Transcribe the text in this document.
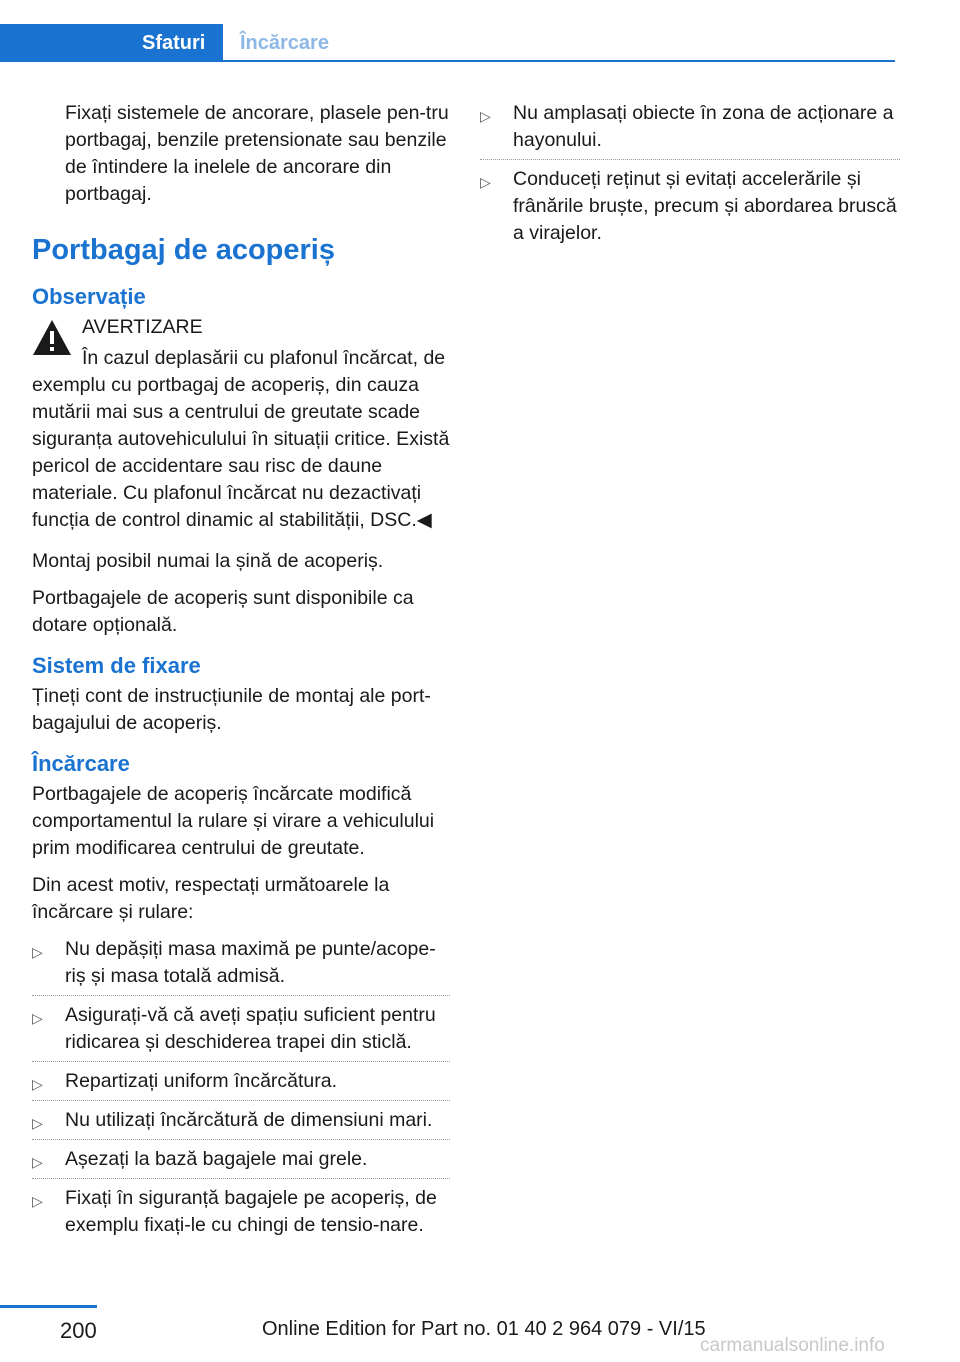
Sfaturi	Încărcare

Fixați sistemele de ancorare, plasele pen‐tru portbagaj, benzile pretensionate sau benzile de întindere la inelele de ancorare din portbagaj.

Portbagaj de acoperiș
Observație
AVERTIZARE

În cazul deplasării cu plafonul încărcat, de exemplu cu portbagaj de acoperiș, din cauza mutării mai sus a centrului de greutate scade siguranța autovehiculului în situații critice. Există pericol de accidentare sau risc de daune materiale. Cu plafonul încărcat nu dezactivați funcția de control dinamic al stabilității, DSC.◀

Montaj posibil numai la șină de acoperiș.

Portbagajele de acoperiș sunt disponibile ca dotare opțională.

Sistem de fixare

Țineți cont de instrucțiunile de montaj ale port‐bagajului de acoperiș.

Încărcare

Portbagajele de acoperiș încărcate modifică comportamentul la rulare și virare a vehiculului prim modificarea centrului de greutate.

Din acest motiv, respectați următoarele la încărcare și rulare:

▷ Nu depășiți masa maximă pe punte/acope‐riș și masa totală admisă.
▷ Asigurați-vă că aveți spațiu suficient pentru ridicarea și deschiderea trapei din sticlă.
▷ Repartizați uniform încărcătura.
▷ Nu utilizați încărcătură de dimensiuni mari.
▷ Așezați la bază bagajele mai grele.
▷ Fixați în siguranță bagajele pe acoperiș, de exemplu fixați-le cu chingi de tensio‐nare.
▷ Nu amplasați obiecte în zona de acționare a hayonului.
▷ Conduceți reținut și evitați accelerările și frânările bruște, precum și abordarea bruscă a virajelor.
200	Online Edition for Part no. 01 40 2 964 079 - VI/15
carmanualsonline.info
